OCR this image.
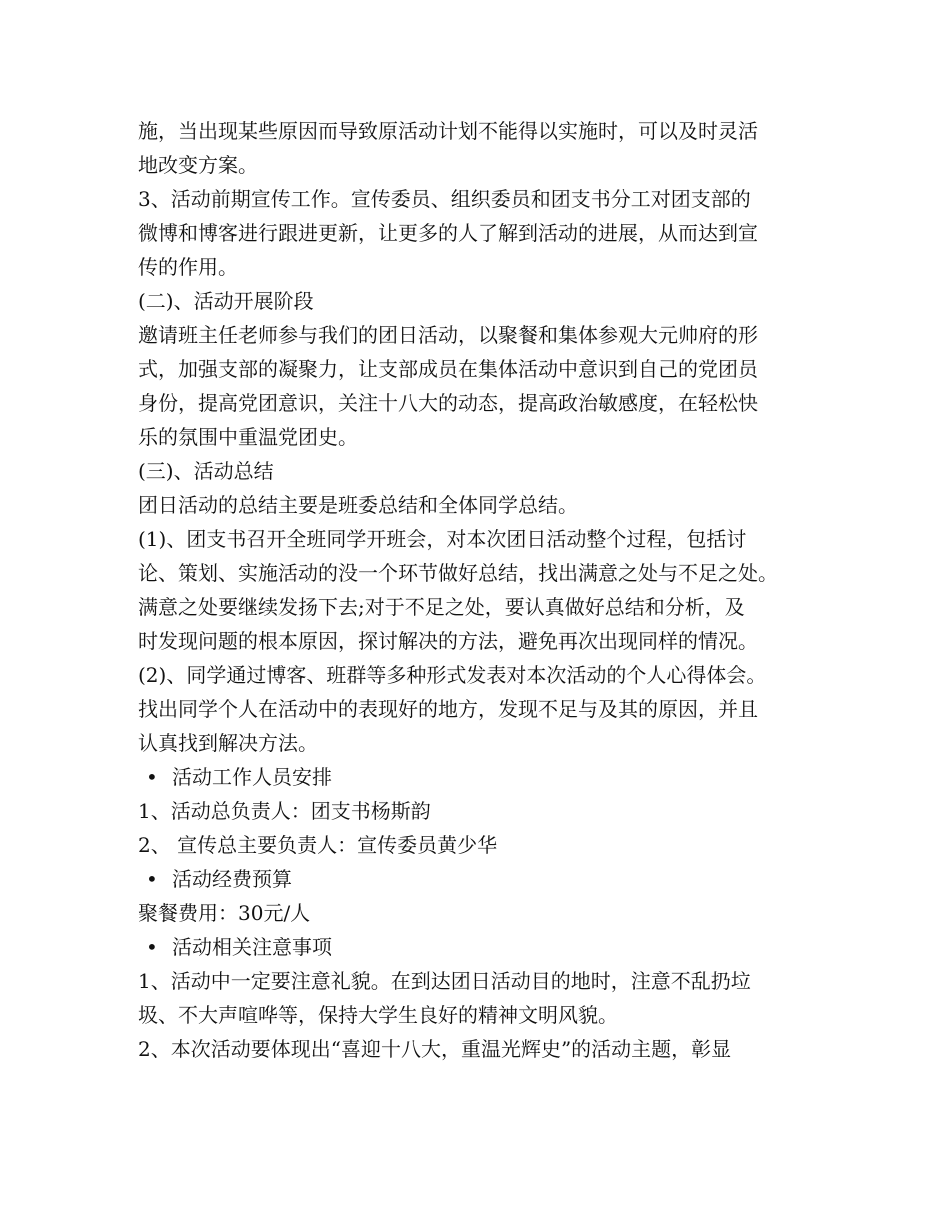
施，当出现某些原因而导致原活动计划不能得以实施时，可以及时灵活
地改变方案。
3、活动前期宣传工作。宣传委员、组织委员和团支书分工对团支部的
微博和博客进行跟进更新，让更多的人了解到活动的进展，从而达到宣
传的作用。
(二)、活动开展阶段
邀请班主任老师参与我们的团日活动，以聚餐和集体参观大元帅府的形
式，加强支部的凝聚力，让支部成员在集体活动中意识到自己的党团员
身份，提高党团意识，关注十八大的动态，提高政治敏感度，在轻松快
乐的氛围中重温党团史。
(三)、活动总结
团日活动的总结主要是班委总结和全体同学总结。
(1)、团支书召开全班同学开班会，对本次团日活动整个过程，包括讨
论、策划、实施活动的没一个环节做好总结，找出满意之处与不足之处。
满意之处要继续发扬下去;对于不足之处，要认真做好总结和分析，及
时发现问题的根本原因，探讨解决的方法，避免再次出现同样的情况。
(2)、同学通过博客、班群等多种形式发表对本次活动的个人心得体会。
找出同学个人在活动中的表现好的地方，发现不足与及其的原因，并且
认真找到解决方法。
• 活动工作人员安排
1、活动总负责人：团支书杨斯韵
2、 宣传总主要负责人：宣传委员黄少华
• 活动经费预算
聚餐费用：30元/人
• 活动相关注意事项
1、活动中一定要注意礼貌。在到达团日活动目的地时，注意不乱扔垃
圾、不大声喧哗等，保持大学生良好的精神文明风貌。
2、本次活动要体现出“喜迎十八大，重温光辉史”的活动主题，彰显
